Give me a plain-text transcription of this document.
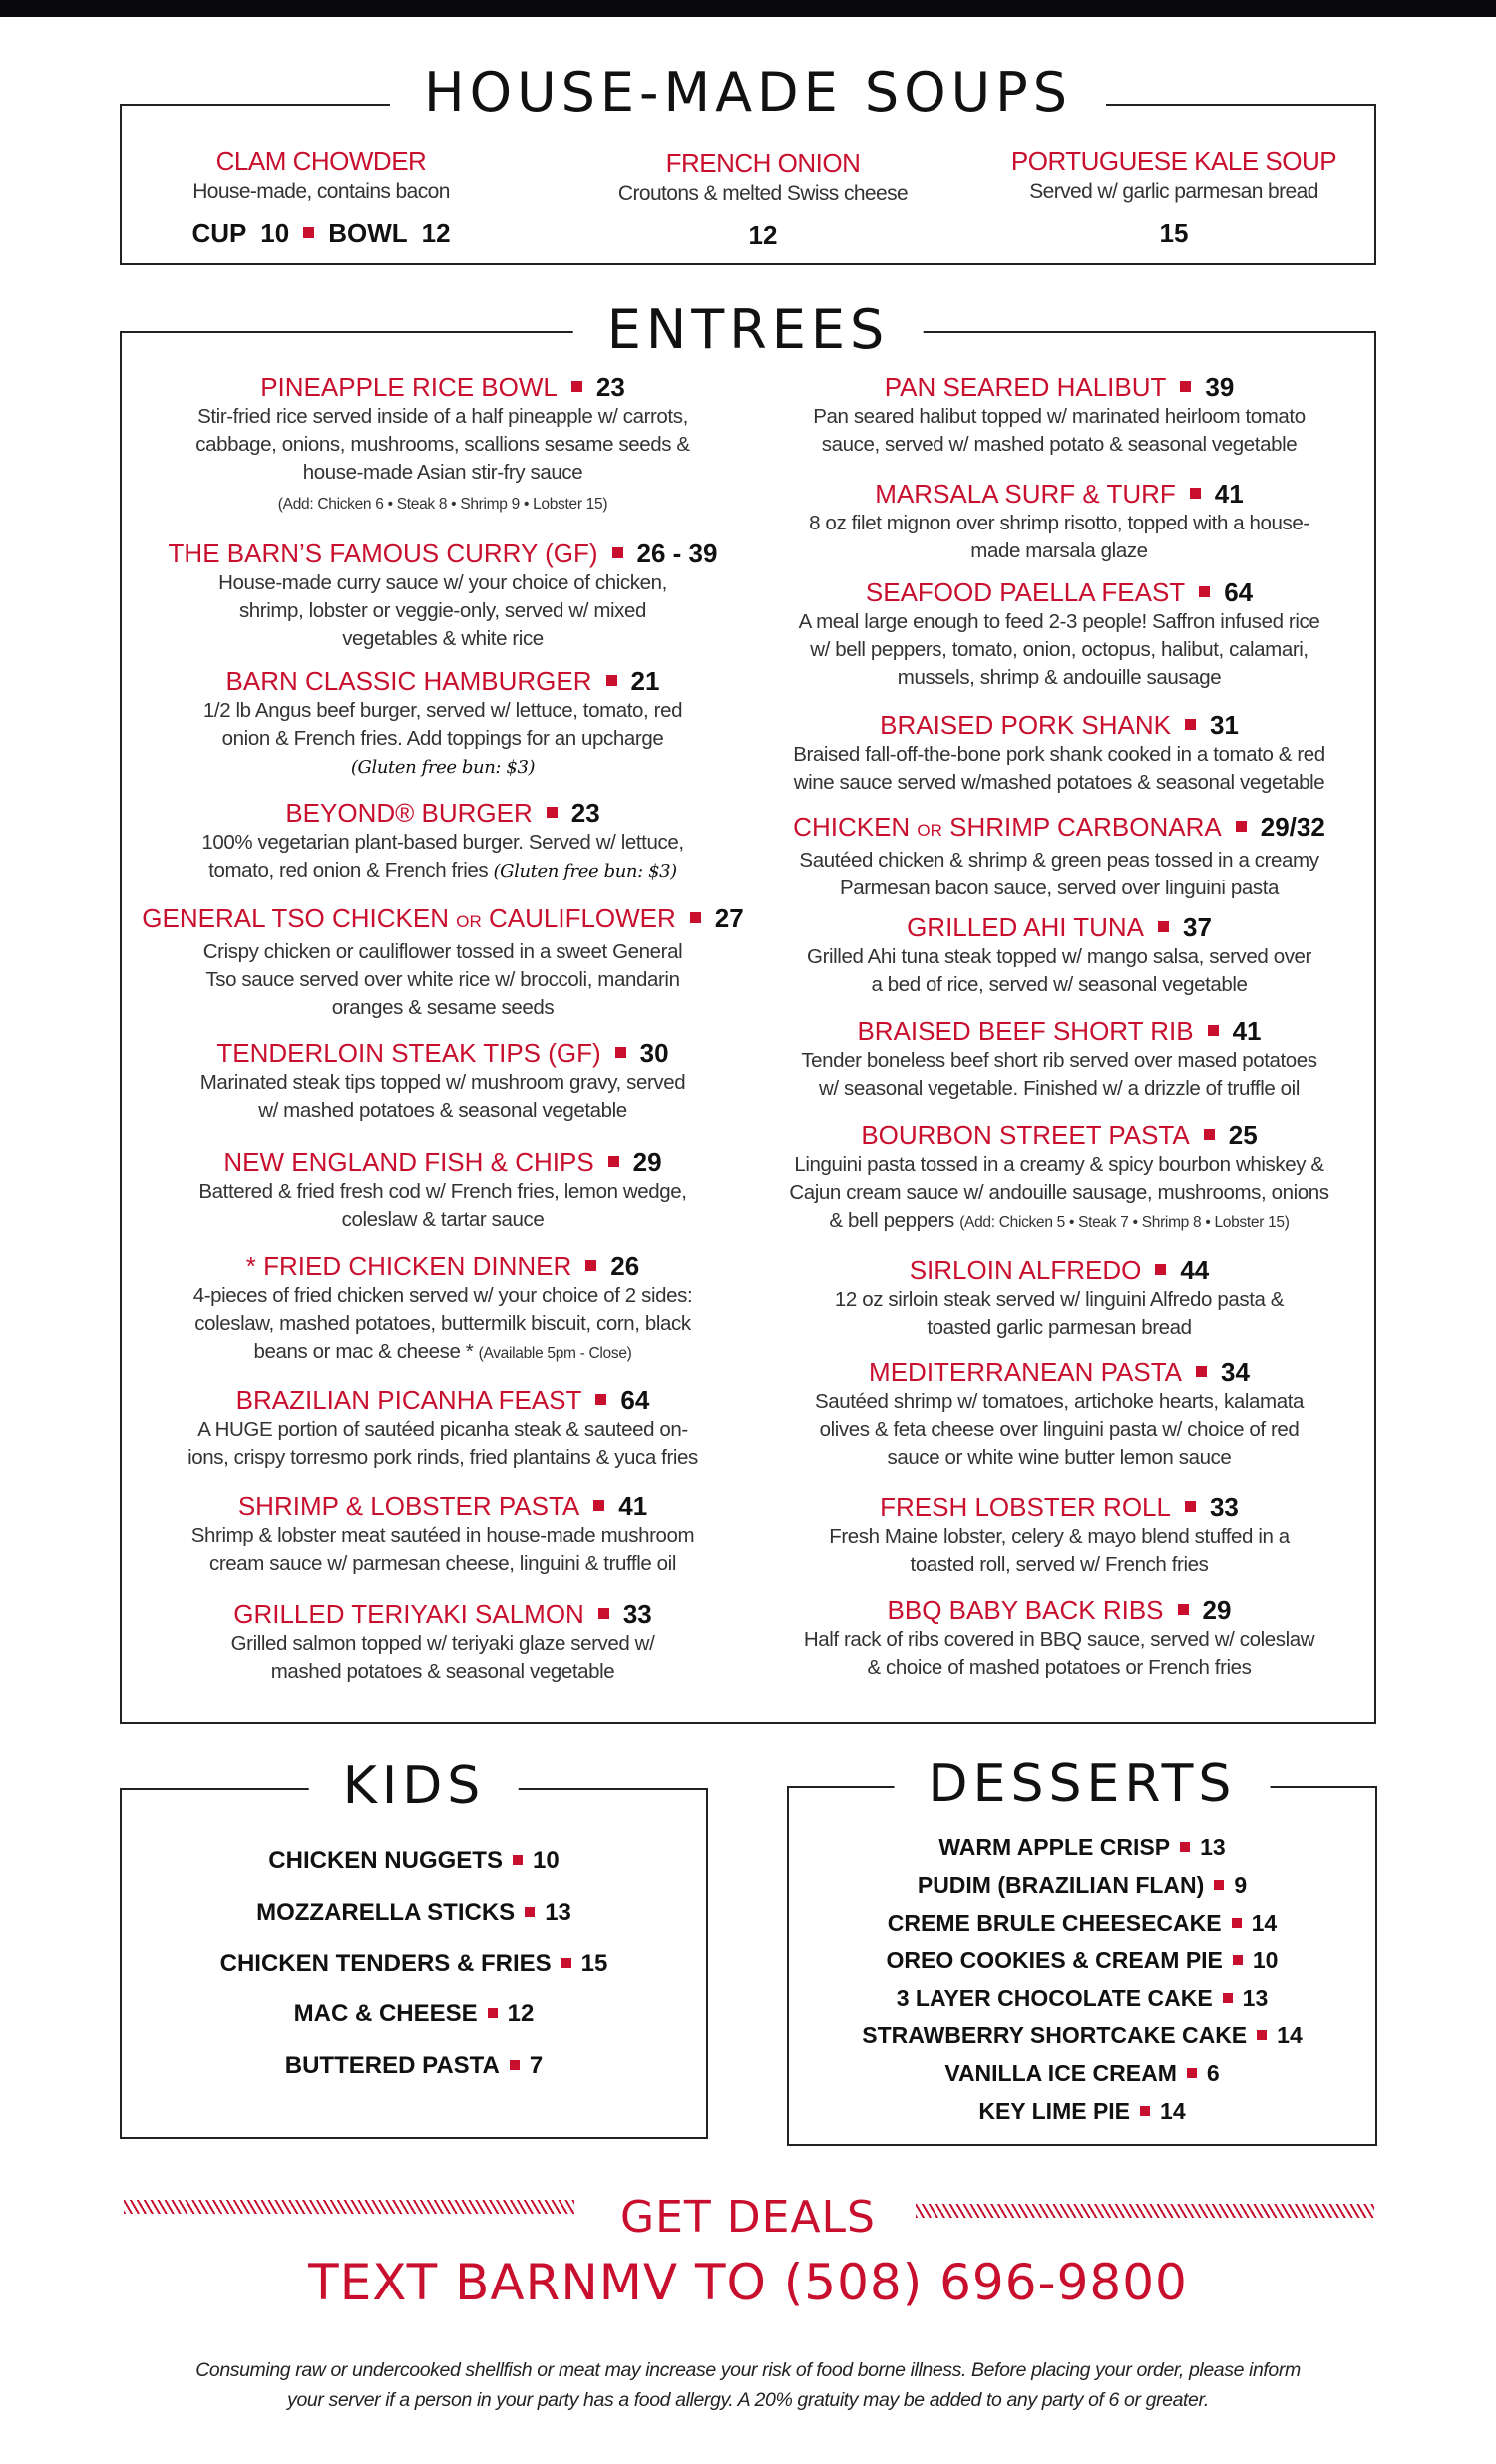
HOUSE-MADE SOUPS
CLAM CHOWDER
House-made, contains bacon
CUP  10 BOWL  12
FRENCH ONION
Croutons & melted Swiss cheese
12
PORTUGUESE KALE SOUP
Served w/ garlic parmesan bread
15
ENTREES
PINEAPPLE RICE BOWL 23
Stir-fried rice served inside of a half pineapple w/ carrots,
cabbage, onions, mushrooms, scallions sesame seeds &
house-made Asian stir-fry sauce
(Add: Chicken 6 • Steak 8 • Shrimp 9 • Lobster 15)
THE BARN’S FAMOUS CURRY (GF) 26 - 39
House-made curry sauce w/ your choice of chicken,
shrimp, lobster or veggie-only, served w/ mixed
vegetables & white rice
BARN CLASSIC HAMBURGER 21
1/2 lb Angus beef burger, served w/ lettuce, tomato, red
onion & French fries. Add toppings for an upcharge
(Gluten free bun: $3)
BEYOND® BURGER 23
100% vegetarian plant-based burger. Served w/ lettuce,
tomato, red onion & French fries (Gluten free bun: $3)
GENERAL TSO CHICKEN OR CAULIFLOWER 27
Crispy chicken or cauliflower tossed in a sweet General
Tso sauce served over white rice w/ broccoli, mandarin
oranges & sesame seeds
TENDERLOIN STEAK TIPS (GF) 30
Marinated steak tips topped w/ mushroom gravy, served
w/ mashed potatoes & seasonal vegetable
NEW ENGLAND FISH & CHIPS 29
Battered & fried fresh cod w/ French fries, lemon wedge,
coleslaw & tartar sauce
* FRIED CHICKEN DINNER 26
4-pieces of fried chicken served w/ your choice of 2 sides:
coleslaw, mashed potatoes, buttermilk biscuit, corn, black
beans or mac & cheese * (Available 5pm - Close)
BRAZILIAN PICANHA FEAST 64
A HUGE portion of sautéed picanha steak & sauteed on-
ions, crispy torresmo pork rinds, fried plantains & yuca fries
SHRIMP & LOBSTER PASTA 41
Shrimp & lobster meat sautéed in house-made mushroom
cream sauce w/ parmesan cheese, linguini & truffle oil
GRILLED TERIYAKI SALMON 33
Grilled salmon topped w/ teriyaki glaze served w/
mashed potatoes & seasonal vegetable
PAN SEARED HALIBUT 39
Pan seared halibut topped w/ marinated heirloom tomato
sauce, served w/ mashed potato & seasonal vegetable
MARSALA SURF & TURF 41
8 oz filet mignon over shrimp risotto, topped with a house-
made marsala glaze
SEAFOOD PAELLA FEAST 64
A meal large enough to feed 2-3 people! Saffron infused rice
w/ bell peppers, tomato, onion, octopus, halibut, calamari,
mussels, shrimp & andouille sausage
BRAISED PORK SHANK 31
Braised fall-off-the-bone pork shank cooked in a tomato & red
wine sauce served w/mashed potatoes & seasonal vegetable
CHICKEN OR SHRIMP CARBONARA 29/32
Sautéed chicken & shrimp & green peas tossed in a creamy
Parmesan bacon sauce, served over linguini pasta
GRILLED AHI TUNA 37
Grilled Ahi tuna steak topped w/ mango salsa, served over
a bed of rice, served w/ seasonal vegetable
BRAISED BEEF SHORT RIB 41
Tender boneless beef short rib served over mased potatoes
w/ seasonal vegetable. Finished w/ a drizzle of truffle oil
BOURBON STREET PASTA 25
Linguini pasta tossed in a creamy & spicy bourbon whiskey &
Cajun cream sauce w/ andouille sausage, mushrooms, onions
& bell peppers (Add: Chicken 5 • Steak 7 • Shrimp 8 • Lobster 15)
SIRLOIN ALFREDO 44
12 oz sirloin steak served w/ linguini Alfredo pasta &
toasted garlic parmesan bread
MEDITERRANEAN PASTA 34
Sautéed shrimp w/ tomatoes, artichoke hearts, kalamata
olives & feta cheese over linguini pasta w/ choice of red
sauce or white wine butter lemon sauce
FRESH LOBSTER ROLL 33
Fresh Maine lobster, celery & mayo blend stuffed in a
toasted roll, served w/ French fries
BBQ BABY BACK RIBS 29
Half rack of ribs covered in BBQ sauce, served w/ coleslaw
& choice of mashed potatoes or French fries
KIDS
CHICKEN NUGGETS 10
MOZZARELLA STICKS 13
CHICKEN TENDERS & FRIES 15
MAC & CHEESE 12
BUTTERED PASTA 7
DESSERTS
WARM APPLE CRISP 13
PUDIM (BRAZILIAN FLAN) 9
CREME BRULE CHEESECAKE 14
OREO COOKIES & CREAM PIE 10
3 LAYER CHOCOLATE CAKE 13
STRAWBERRY SHORTCAKE CAKE 14
VANILLA ICE CREAM 6
KEY LIME PIE 14
GET DEALS
TEXT BARNMV TO (508) 696-9800
Consuming raw or undercooked shellfish or meat may increase your risk of food borne illness. Before placing your order, please inform
your server if a person in your party has a food allergy. A 20% gratuity may be added to any party of 6 or greater.
